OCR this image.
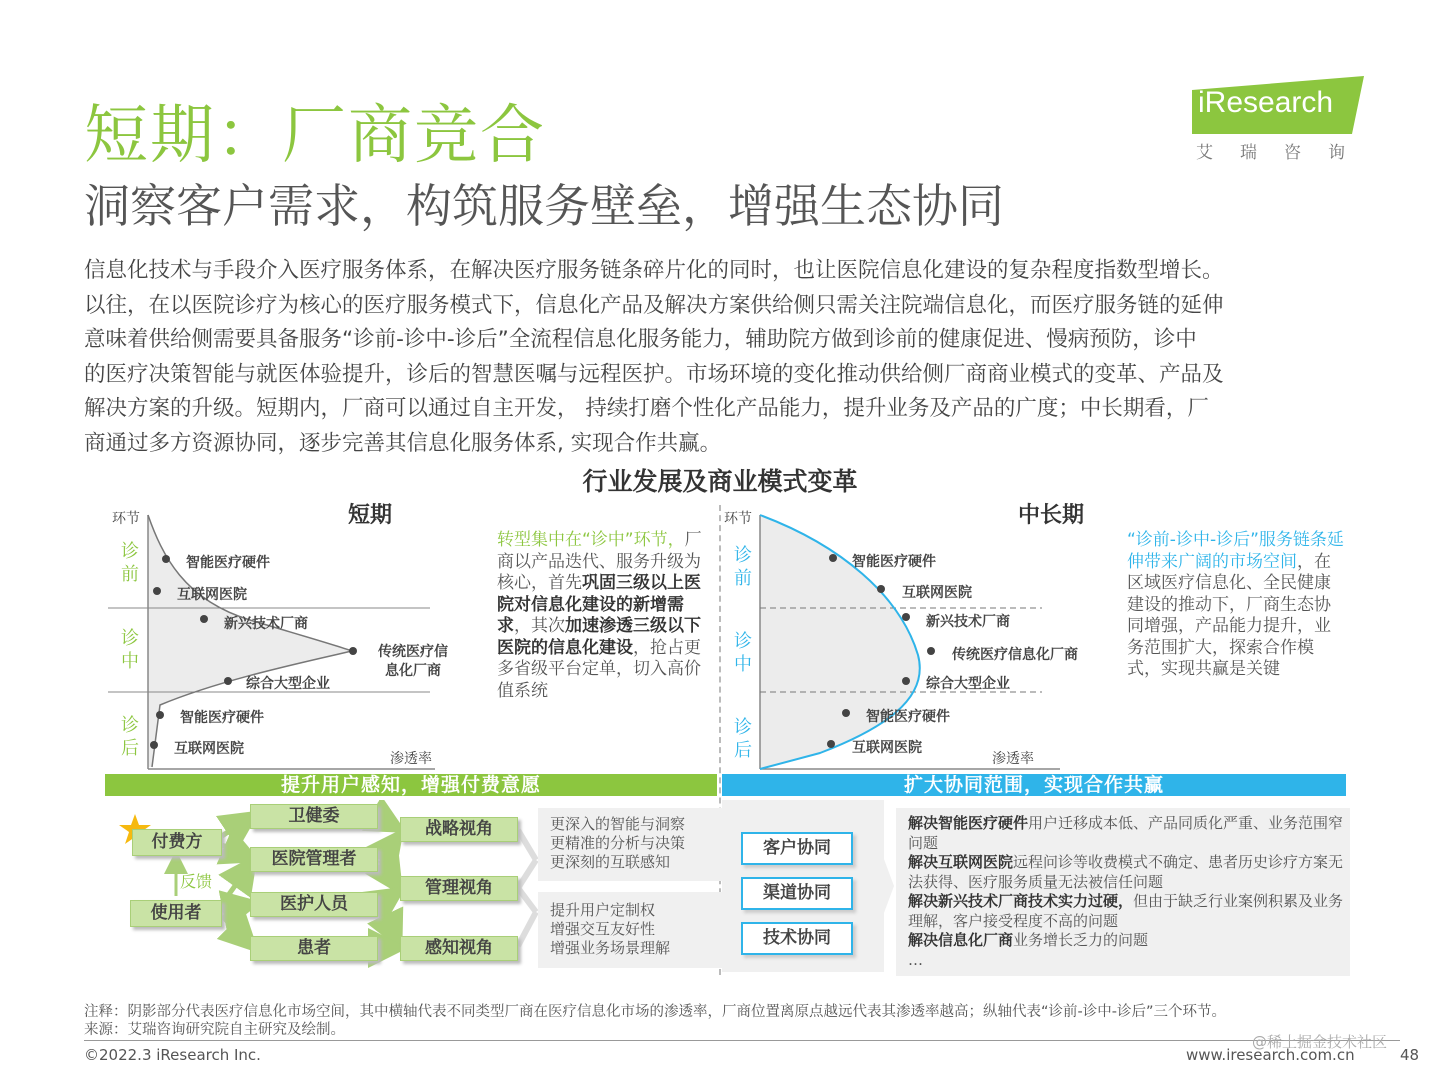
短期：厂商竞合
洞察客户需求，构筑服务壁垒，增强生态协同
iResearch
艾瑞咨询

信息化技术与手段介入医疗服务体系，在解决医疗服务链条碎片化的同时，也让医院信息化建设的复杂程度指数型增长。

以往，在以医院诊疗为核心的医疗服务模式下，信息化产品及解决方案供给侧只需关注院端信息化，而医疗服务链的延伸

意味着供给侧需要具备服务“诊前-诊中-诊后”全流程信息化服务能力，辅助院方做到诊前的健康促进、慢病预防，诊中

的医疗决策智能与就医体验提升，诊后的智慧医嘱与远程医护。市场环境的变化推动供给侧厂商商业模式的变革、产品及

解决方案的升级。短期内，厂商可以通过自主开发， 持续打磨个性化产品能力，提升业务及产品的广度；中长期看，厂

商通过多方资源协同，逐步完善其信息化服务体系, 实现合作共赢。

行业发展及商业模式变革
环节
渗透率
短期
诊前
诊中
诊后
智能医疗硬件
互联网医院
新兴技术厂商
传统医疗信息化厂商
综合大型企业
智能医疗硬件
互联网医院
转型集中在“诊中”环节，厂商以产品迭代、服务升级为核心，首先巩固三级以上医院对信息化建设的新增需求，其次加速渗透三级以下医院的信息化建设，抢占更多省级平台定单，切入高价值系统
环节
渗透率
中长期
诊前
诊中
诊后
智能医疗硬件
互联网医院
新兴技术厂商
传统医疗信息化厂商
综合大型企业
智能医疗硬件
互联网医院
“诊前-诊中-诊后”服务链条延伸带来广阔的市场空间，在区域医疗信息化、全民健康建设的推动下，厂商生态协同增强，产品能力提升，业务范围扩大，探索合作模式，实现共赢是关键
提升用户感知，增强付费意愿	扩大协同范围，实现合作共赢
付费方
反馈
使用者
卫健委
医院管理者
医护人员
患者
战略视角
管理视角
感知视角
更深入的智能与洞察
更精准的分析与决策
更深刻的互联感知
提升用户定制权
增强交互友好性
增强业务场景理解
客户协同
渠道协同
技术协同
解决智能医疗硬件用户迁移成本低、产品同质化严重、业务范围窄问题
解决互联网医院远程问诊等收费模式不确定、患者历史诊疗方案无法获得、医疗服务质量无法被信任问题
解决新兴技术厂商技术实力过硬，但由于缺乏行业案例积累及业务理解，客户接受程度不高的问题
解决信息化厂商业务增长乏力的问题
…
注释：阴影部分代表医疗信息化市场空间，其中横轴代表不同类型厂商在医疗信息化市场的渗透率，厂商位置离原点越远代表其渗透率越高；纵轴代表“诊前-诊中-诊后”三个环节。
来源：艾瑞咨询研究院自主研究及绘制。
©2022.3 iResearch Inc.	www.iresearch.com.cn
@稀土掘金技术社区
48
